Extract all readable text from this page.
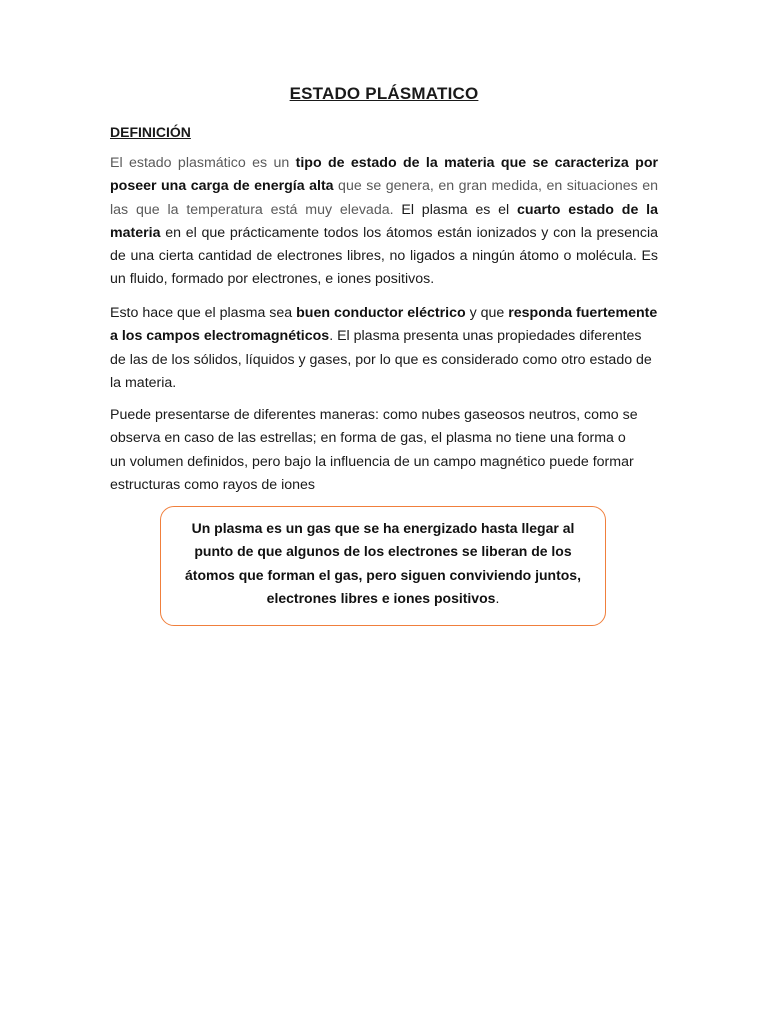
ESTADO PLÁSMATICO
DEFINICIÓN

El estado plasmático es un tipo de estado de la materia que se caracteriza por poseer una carga de energía alta que se genera, en gran medida, en situaciones en las que la temperatura está muy elevada. El plasma es el cuarto estado de la materia en el que prácticamente todos los átomos están ionizados y con la presencia de una cierta cantidad de electrones libres, no ligados a ningún átomo o molécula. Es un fluido, formado por electrones, e iones positivos.

Esto hace que el plasma sea buen conductor eléctrico y que responda fuertemente a los campos electromagnéticos. El plasma presenta unas propiedades diferentes de las de los sólidos, líquidos y gases, por lo que es considerado como otro estado de la materia.

Puede presentarse de diferentes maneras: como nubes gaseosos neutros, como se
observa en caso de las estrellas; en forma de gas, el plasma no tiene una forma o
un volumen definidos, pero bajo la influencia de un campo magnético puede formar
estructuras como rayos de iones

Un plasma es un gas que se ha energizado hasta llegar al punto de que algunos de los electrones se liberan de los átomos que forman el gas, pero siguen conviviendo juntos, electrones libres e iones positivos.
